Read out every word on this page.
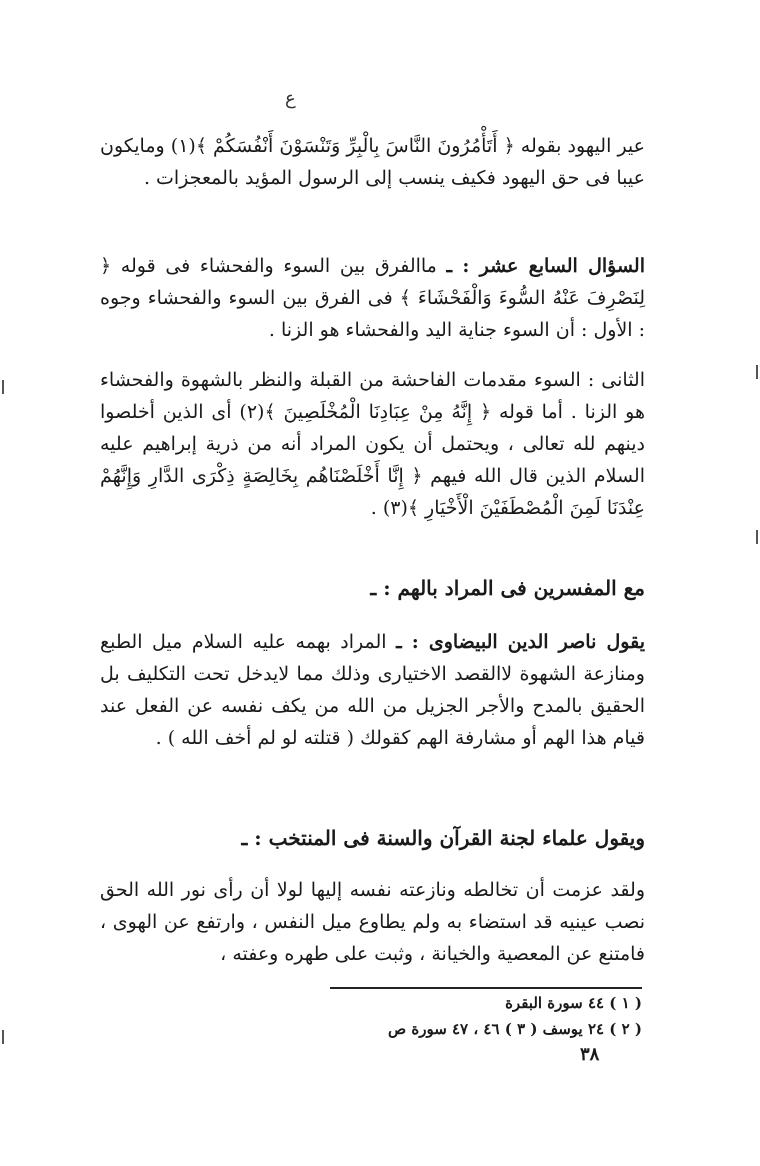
ع
عير اليهود بقوله ﴿ أَتَأْمُرُونَ النَّاسَ بِالْبِرِّ وَتَنْسَوْنَ أَنْفُسَكُمْ ﴾(١) ومايكون عيبا فى حق اليهود فكيف ينسب إلى الرسول المؤيد بالمعجزات .
السؤال السابع عشر : ـ ماالفرق بين السوء والفحشاء فى قوله ﴿ لِنَصْرِفَ عَنْهُ السُّوءَ وَالْفَحْشَاءَ ﴾ فى الفرق بين السوء والفحشاء وجوه : الأول : أن السوء جناية اليد والفحشاء هو الزنا .
الثانى : السوء مقدمات الفاحشة من القبلة والنظر بالشهوة والفحشاء هو الزنا . أما قوله ﴿ إِنَّهُ مِنْ عِبَادِنَا الْمُخْلَصِينَ ﴾(٢) أى الذين أخلصوا دينهم لله تعالى ، ويحتمل أن يكون المراد أنه من ذرية إبراهيم عليه السلام الذين قال الله فيهم ﴿ إِنَّا أَخْلَصْنَاهُم بِخَالِصَةٍ ذِكْرَى الدَّارِ وَإِنَّهُمْ عِنْدَنَا لَمِنَ الْمُصْطَفَيْنَ الْأَخْيَارِ ﴾(٣) .
مع المفسرين فى المراد بالهم : ـ
يقول ناصر الدين البيضاوى : ـ المراد بهمه عليه السلام ميل الطبع ومنازعة الشهوة لاالقصد الاختيارى وذلك مما لايدخل تحت التكليف بل الحقيق بالمدح والأجر الجزيل من الله من يكف نفسه عن الفعل عند قيام هذا الهم أو مشارفة الهم كقولك ( قتلته لو لم أخف الله ) .
ويقول علماء لجنة القرآن والسنة فى المنتخب : ـ
ولقد عزمت أن تخالطه ونازعته نفسه إليها لولا أن رأى نور الله الحق نصب عينيه قد استضاء به ولم يطاوع ميل النفس ، وارتفع عن الهوى ، فامتنع عن المعصية والخيانة ، وثبت على طهره وعفته ،
( ١ ) ٤٤ سورة البقرة
( ٢ ) ٢٤ يوسف ( ٣ ) ٤٦ ، ٤٧ سورة ص
٣٨
